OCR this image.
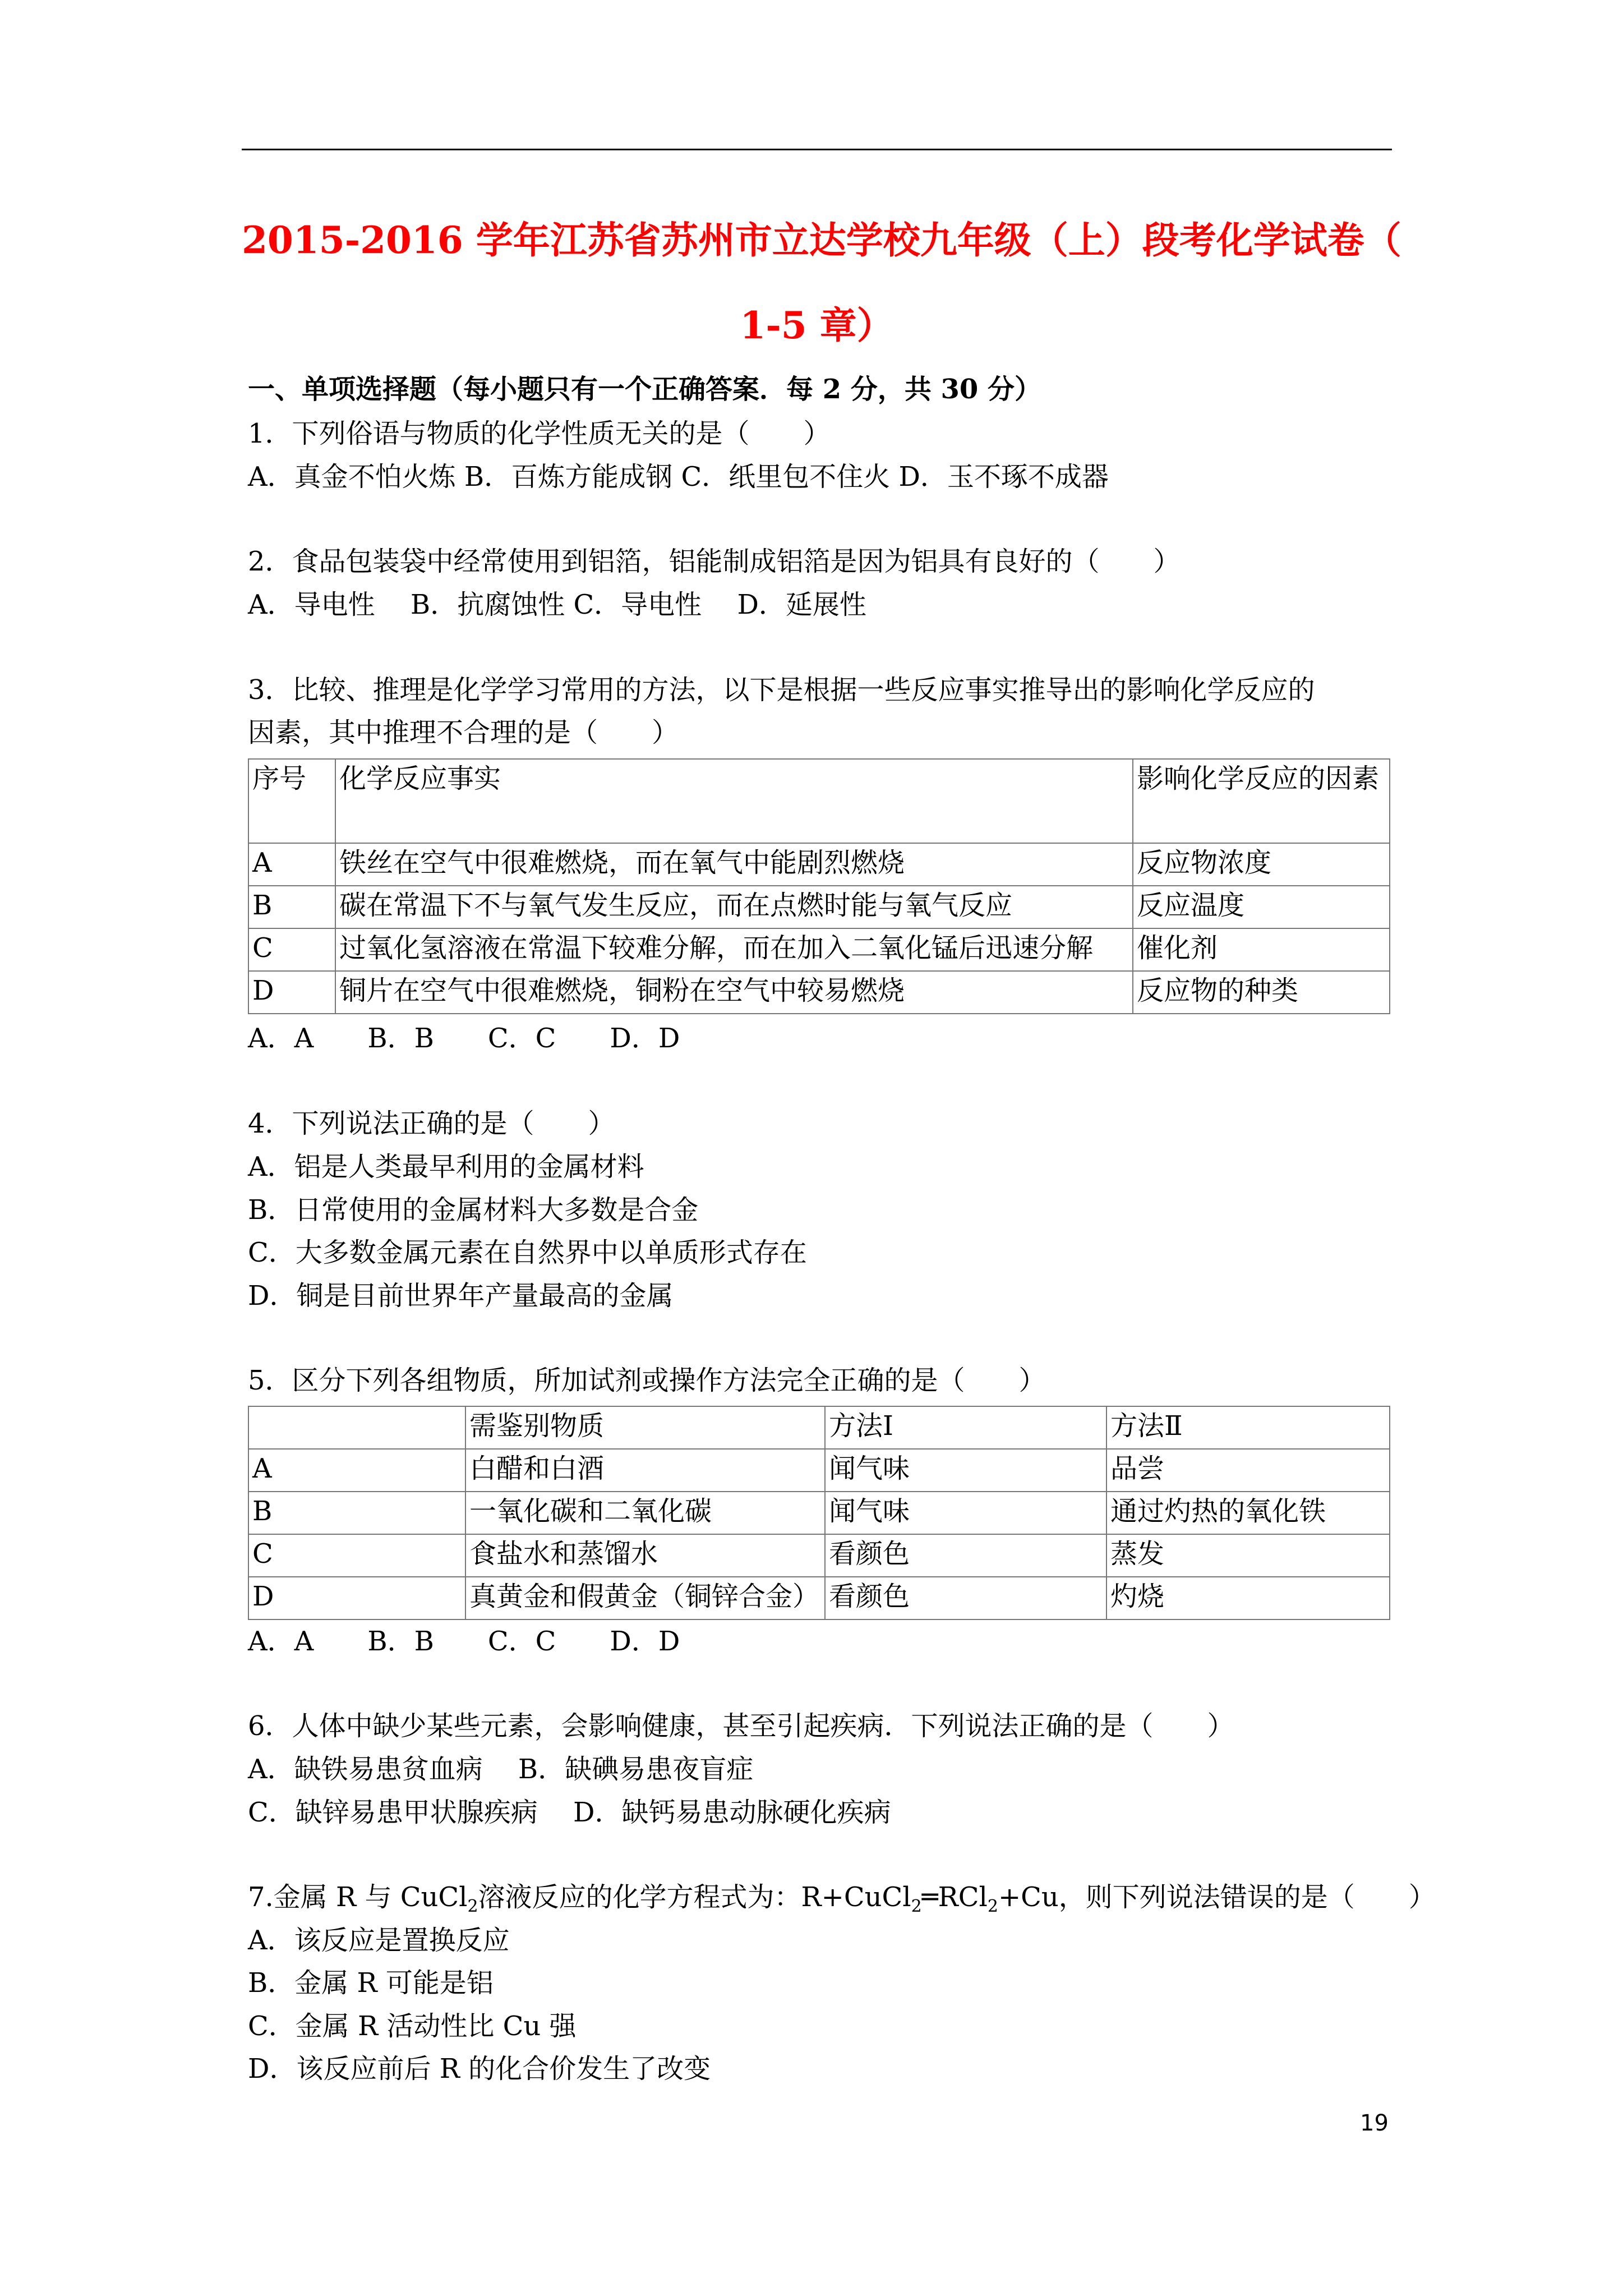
2015-2016 学年江苏省苏州市立达学校九年级（上）段考化学试卷（
1-5 章）
一、单项选择题（每小题只有一个正确答案．每 2 分，共 30 分）
1．下列俗语与物质的化学性质无关的是（　　）
A．真金不怕火炼 B．百炼方能成钢 C．纸里包不住火 D．玉不琢不成器
2．食品包装袋中经常使用到铝箔，铝能制成铝箔是因为铝具有良好的（　　）
A．导电性　 B．抗腐蚀性 C．导电性　 D．延展性
3．比较、推理是化学学习常用的方法，以下是根据一些反应事实推导出的影响化学反应的
因素，其中推理不合理的是（　　）
序号	化学反应事实	影响化学反应的因素
A	铁丝在空气中很难燃烧，而在氧气中能剧烈燃烧	反应物浓度
B	碳在常温下不与氧气发生反应，而在点燃时能与氧气反应	反应温度
C	过氧化氢溶液在常温下较难分解，而在加入二氧化锰后迅速分解	催化剂
D	铜片在空气中很难燃烧，铜粉在空气中较易燃烧	反应物的种类
A．A　　B．B　　C．C　　D．D
4．下列说法正确的是（　　）
A．铝是人类最早利用的金属材料
B．日常使用的金属材料大多数是合金
C．大多数金属元素在自然界中以单质形式存在
D．铜是目前世界年产量最高的金属
5．区分下列各组物质，所加试剂或操作方法完全正确的是（　　）
	需鉴别物质	方法Ⅰ	方法Ⅱ
A	白醋和白酒	闻气味	品尝
B	一氧化碳和二氧化碳	闻气味	通过灼热的氧化铁
C	食盐水和蒸馏水	看颜色	蒸发
D	真黄金和假黄金（铜锌合金）	看颜色	灼烧
A．A　　B．B　　C．C　　D．D
6．人体中缺少某些元素，会影响健康，甚至引起疾病．下列说法正确的是（　　）
A．缺铁易患贫血病　 B．缺碘易患夜盲症
C．缺锌易患甲状腺疾病　 D．缺钙易患动脉硬化疾病
7.金属 R 与 CuCl$_2$溶液反应的化学方程式为：R+CuCl$_2$═RCl$_2$+Cu，则下列说法错误的是（　　）
A．该反应是置换反应
B．金属 R 可能是铝
C．金属 R 活动性比 Cu 强
D．该反应前后 R 的化合价发生了改变
19
